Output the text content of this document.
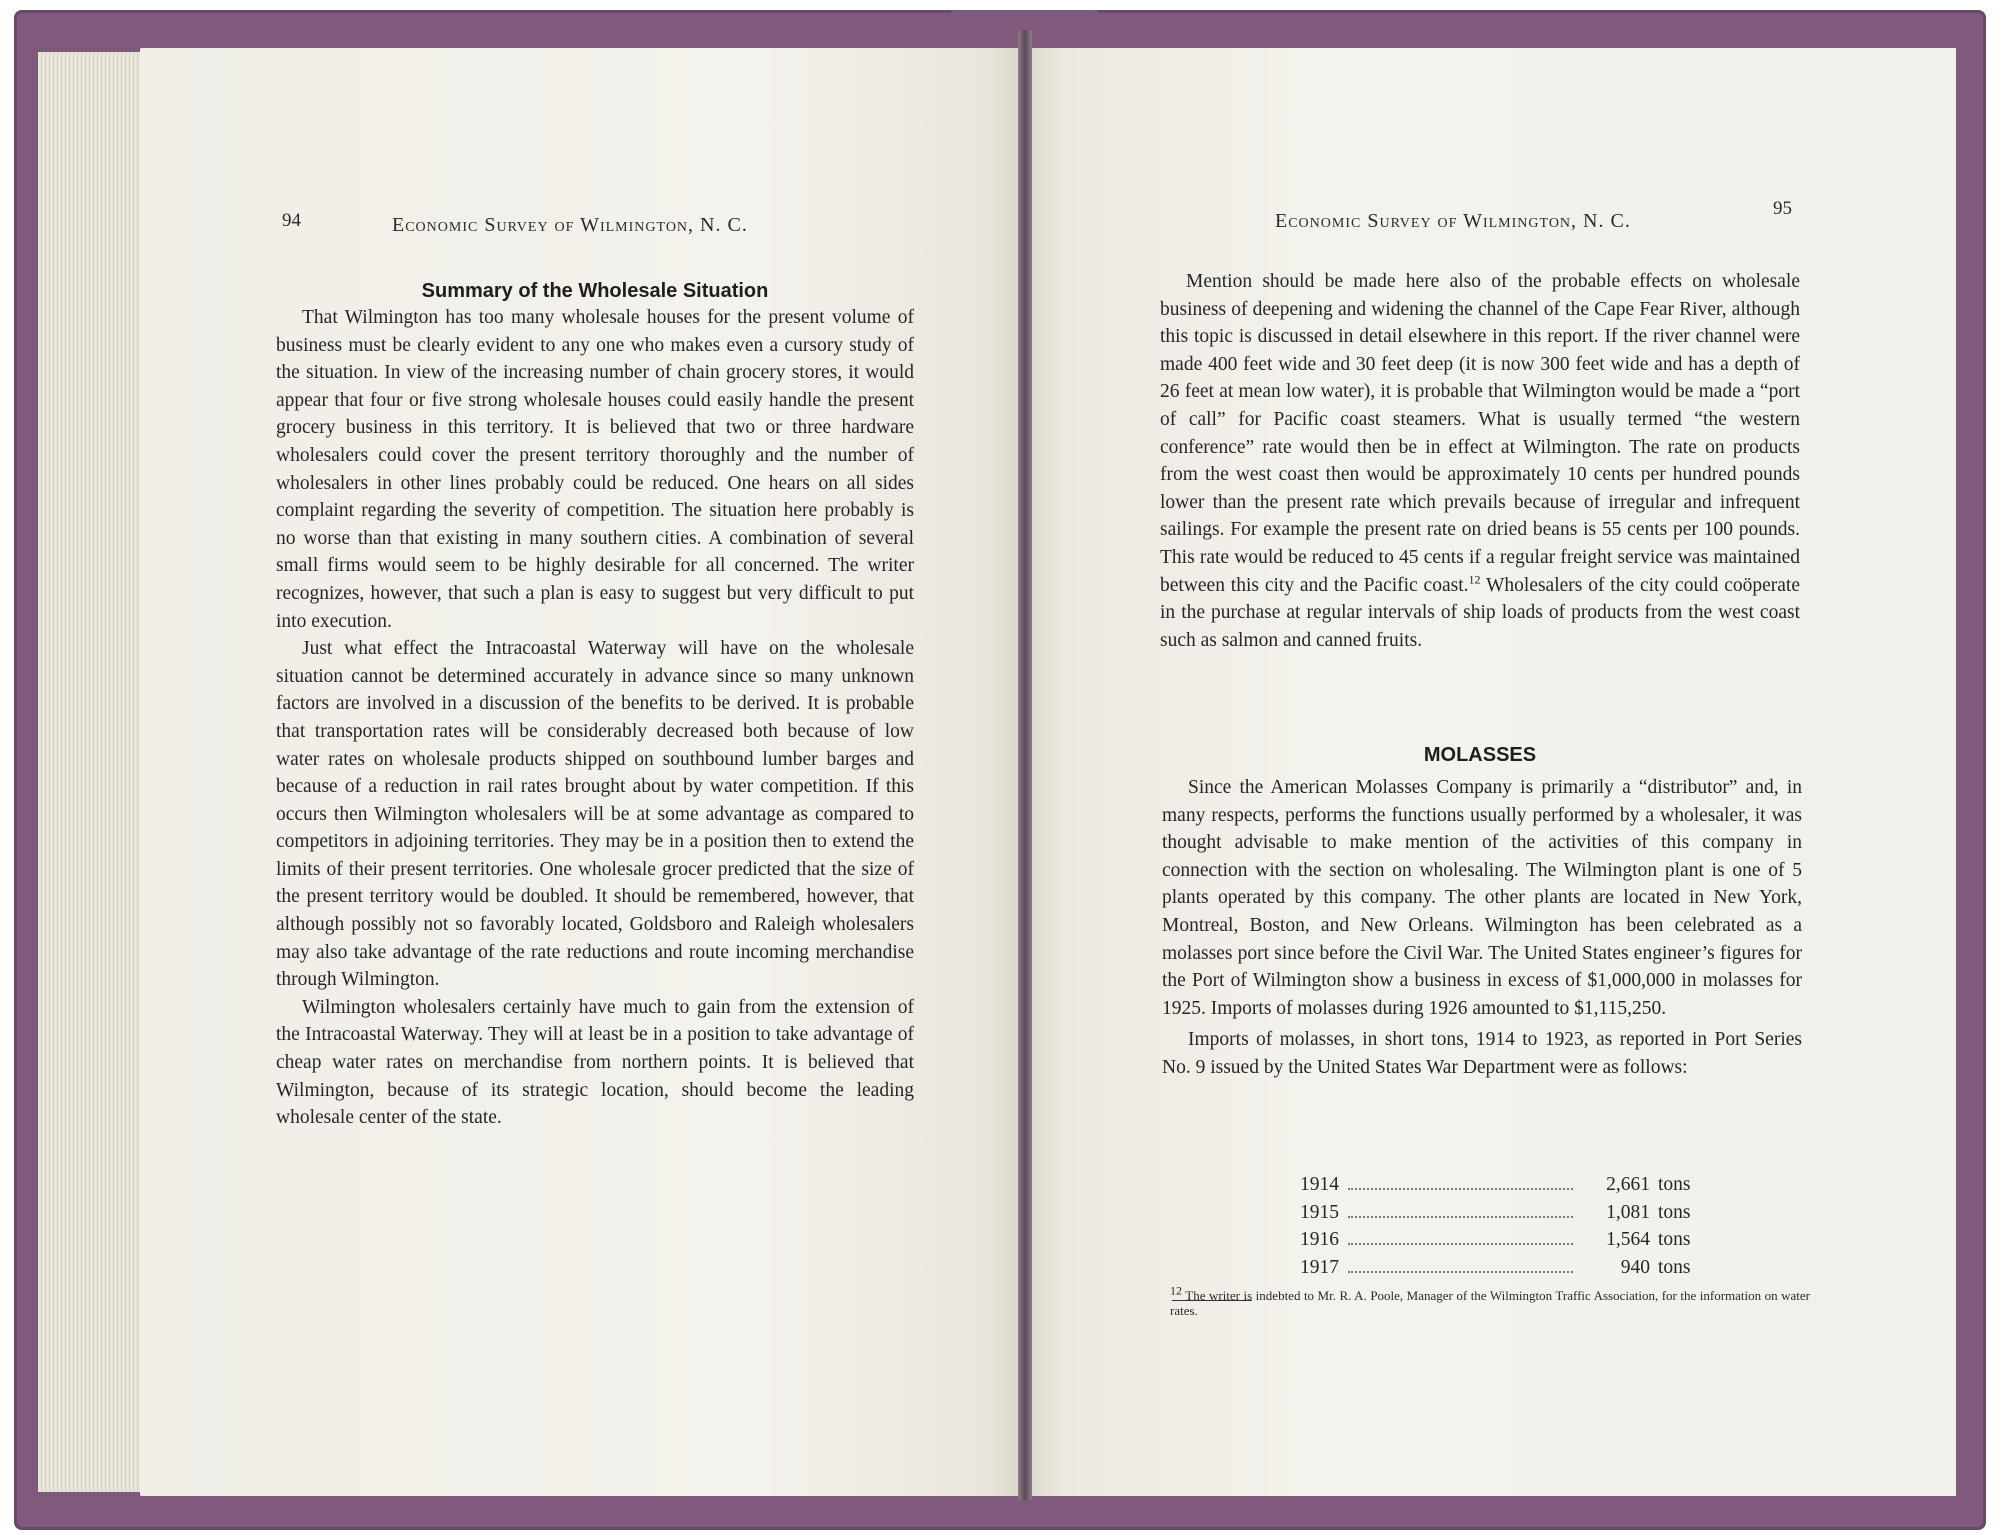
94	Economic Survey of Wilmington, N. C.
Summary of the Wholesale Situation

That Wilmington has too many wholesale houses for the present volume of business must be clearly evident to any one who makes even a cursory study of the situation. In view of the increasing number of chain grocery stores, it would appear that four or five strong wholesale houses could easily handle the present grocery business in this territory. It is believed that two or three hardware wholesalers could cover the present territory thoroughly and the number of wholesalers in other lines probably could be reduced. One hears on all sides complaint regarding the severity of competition. The situation here probably is no worse than that existing in many southern cities. A combination of several small firms would seem to be highly desirable for all concerned. The writer recognizes, however, that such a plan is easy to suggest but very difficult to put into execution.

Just what effect the Intracoastal Waterway will have on the wholesale situation cannot be determined accurately in advance since so many unknown factors are involved in a discussion of the benefits to be derived. It is probable that transportation rates will be considerably decreased both because of low water rates on wholesale products shipped on southbound lumber barges and because of a reduction in rail rates brought about by water competition. If this occurs then Wilmington wholesalers will be at some advantage as compared to competitors in adjoining territories. They may be in a position then to extend the limits of their present territories. One wholesale grocer predicted that the size of the present territory would be doubled. It should be remembered, however, that although possibly not so favorably located, Goldsboro and Raleigh wholesalers may also take advantage of the rate reductions and route incoming merchandise through Wilmington.

Wilmington wholesalers certainly have much to gain from the extension of the Intracoastal Waterway. They will at least be in a position to take advantage of cheap water rates on merchandise from northern points. It is believed that Wilmington, because of its strategic location, should become the leading wholesale center of the state.

Economic Survey of Wilmington, N. C.
95

Mention should be made here also of the probable effects on wholesale business of deepening and widening the channel of the Cape Fear River, although this topic is discussed in detail elsewhere in this report. If the river channel were made 400 feet wide and 30 feet deep (it is now 300 feet wide and has a depth of 26 feet at mean low water), it is probable that Wilmington would be made a “port of call” for Pacific coast steamers. What is usually termed “the western conference” rate would then be in effect at Wilmington. The rate on products from the west coast then would be approximately 10 cents per hundred pounds lower than the present rate which prevails because of irregular and infrequent sailings. For example the present rate on dried beans is 55 cents per 100 pounds. This rate would be reduced to 45 cents if a regular freight service was maintained between this city and the Pacific coast.$^{12}$ Wholesalers of the city could coöperate in the purchase at regular intervals of ship loads of products from the west coast such as salmon and canned fruits.

MOLASSES

Since the American Molasses Company is primarily a “distributor” and, in many respects, performs the functions usually performed by a wholesaler, it was thought advisable to make mention of the activities of this company in connection with the section on wholesaling. The Wilmington plant is one of 5 plants operated by this company. The other plants are located in New York, Montreal, Boston, and New Orleans. Wilmington has been celebrated as a molasses port since before the Civil War. The United States engineer’s figures for the Port of Wilmington show a business in excess of $1,000,000 in molasses for 1925. Imports of molasses during 1926 amounted to $1,115,250.

Imports of molasses, in short tons, 1914 to 1923, as reported in Port Series No. 9 issued by the United States War Department were as follows:

1914	2,661 tons
1915	1,081 tons
1916	1,564 tons
1917	940 tons
$^{12}$ The writer is indebted to Mr. R. A. Poole, Manager of the Wilmington Traffic Association, for the information on water rates.
